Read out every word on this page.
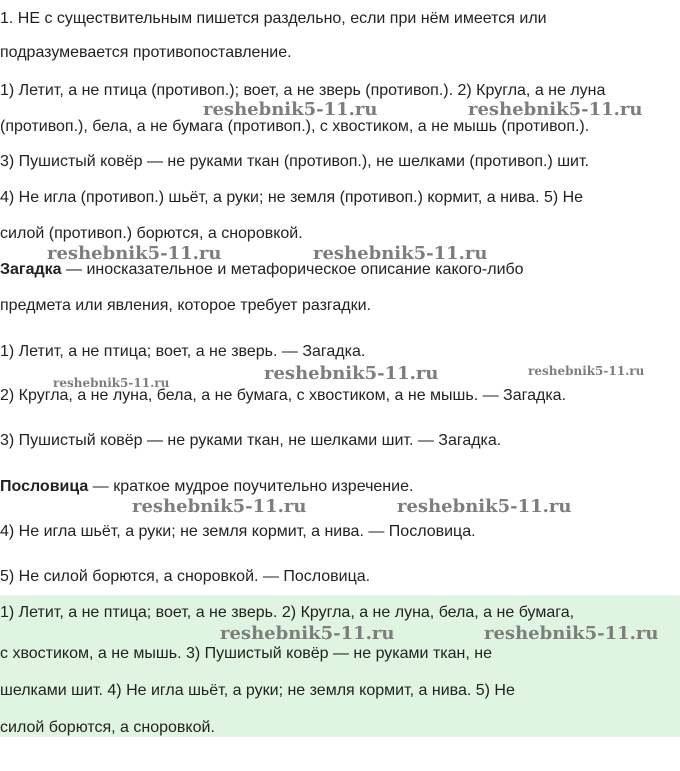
1. НЕ с существительным пишется раздельно, если при нём имеется или
подразумевается противопоставление.
1) Летит, а не птица (противоп.); воет, а не зверь (противоп.). 2) Кругла, а не луна
(противоп.), бела, а не бумага (противоп.), с хвостиком, а не мышь (противоп.).
3) Пушистый ковёр — не руками ткан (противоп.), не шелками (противоп.) шит.
4) Не игла (противоп.) шьёт, а руки; не земля (противоп.) кормит, а нива. 5) Не
силой (противоп.) борются, а сноровкой.
Загадка — иносказательное и метафорическое описание какого-либо
предмета или явления, которое требует разгадки.
1) Летит, а не птица; воет, а не зверь. — Загадка.
2) Кругла, а не луна, бела, а не бумага, с хвостиком, а не мышь. — Загадка.
3) Пушистый ковёр — не руками ткан, не шелками шит. — Загадка.
Пословица — краткое мудрое поучительно изречение.
4) Не игла шьёт, а руки; не земля кормит, а нива. — Пословица.
5) Не силой борются, а сноровкой. — Пословица.
1) Летит, а не птица; воет, а не зверь. 2) Кругла, а не луна, бела, а не бумага,
с хвостиком, а не мышь. 3) Пушистый ковёр — не руками ткан, не
шелками шит. 4) Не игла шьёт, а руки; не земля кормит, а нива. 5) Не
силой борются, а сноровкой.
reshebnik5-11.ru	reshebnik5-11.ru
reshebnik5-11.ru	reshebnik5-11.ru
reshebnik5-11.ru	reshebnik5-11.ru	reshebnik5-11.ru
reshebnik5-11.ru	reshebnik5-11.ru
reshebnik5-11.ru	reshebnik5-11.ru
